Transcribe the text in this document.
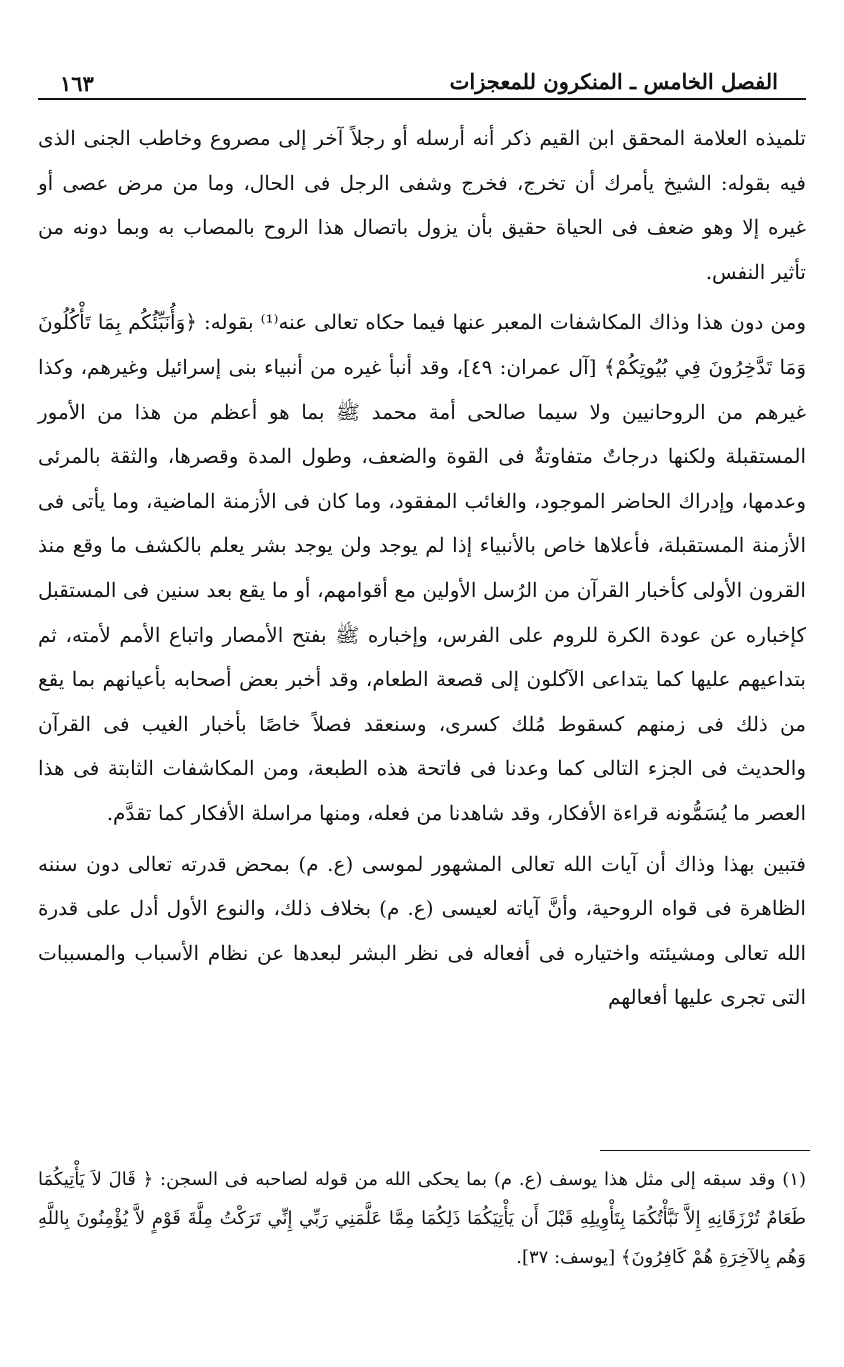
الفصل الخامس ـ المنكرون للمعجزات
١٦٣

تلميذه العلامة المحقق ابن القيم ذكر أنه أرسله أو رجلاً آخر إلى مصروع وخاطب الجنى الذى فيه بقوله: الشيخ يأمرك أن تخرج، فخرج وشفى الرجل فى الحال، وما من مرض عصى أو غيره إلا وهو ضعف فى الحياة حقيق بأن يزول باتصال هذا الروح بالمصاب به وبما دونه من تأثير النفس.

ومن دون هذا وذاك المكاشفات المعبر عنها فيما حكاه تعالى عنه⁽¹⁾ بقوله: ﴿وَأُنَبِّئُكُم بِمَا تَأْكُلُونَ وَمَا تَدَّخِرُونَ فِي بُيُوتِكُمْ﴾ [آل عمران: ٤٩]، وقد أنبأ غيره من أنبياء بنى إسرائيل وغيرهم، وكذا غيرهم من الروحانيين ولا سيما صالحى أمة محمد ﷺ بما هو أعظم من هذا من الأمور المستقبلة ولكنها درجاتٌ متفاوتةٌ فى القوة والضعف، وطول المدة وقصرها، والثقة بالمرئى وعدمها، وإدراك الحاضر الموجود، والغائب المفقود، وما كان فى الأزمنة الماضية، وما يأتى فى الأزمنة المستقبلة، فأعلاها خاص بالأنبياء إذا لم يوجد ولن يوجد بشر يعلم بالكشف ما وقع منذ القرون الأولى كأخبار القرآن من الرُسل الأولين مع أقوامهم، أو ما يقع بعد سنين فى المستقبل كإخباره عن عودة الكرة للروم على الفرس، وإخباره ﷺ بفتح الأمصار واتباع الأمم لأمته، ثم بتداعيهم عليها كما يتداعى الآكلون إلى قصعة الطعام، وقد أخبر بعض أصحابه بأعيانهم بما يقع من ذلك فى زمنهم كسقوط مُلك كسرى، وسنعقد فصلاً خاصًا بأخبار الغيب فى القرآن والحديث فى الجزء التالى كما وعدنا فى فاتحة هذه الطبعة، ومن المكاشفات الثابتة فى هذا العصر ما يُسَمُّونه قراءة الأفكار، وقد شاهدنا من فعله، ومنها مراسلة الأفكار كما تقدَّم.

فتبين بهذا وذاك أن آيات الله تعالى المشهور لموسى (ع. م) بمحض قدرته تعالى دون سننه الظاهرة فى قواه الروحية، وأنَّ آياته لعيسى (ع. م) بخلاف ذلك، والنوع الأول أدل على قدرة الله تعالى ومشيئته واختياره فى أفعاله فى نظر البشر لبعدها عن نظام الأسباب والمسببات التى تجرى عليها أفعالهم

(١) وقد سبقه إلى مثل هذا يوسف (ع. م) بما يحكى الله من قوله لصاحبه فى السجن: ﴿ قَالَ لاَ يَأْتِيكُمَا طَعَامٌ تُرْزَقَانِهِ إِلاَّ نَبَّأْتُكُمَا بِتَأْوِيلِهِ قَبْلَ أَن يَأْتِيَكُمَا ذَلِكُمَا مِمَّا عَلَّمَنِي رَبِّي إِنِّي تَرَكْتُ مِلَّةَ قَوْمٍ لاَّ يُؤْمِنُونَ بِاللَّهِ وَهُم بِالآخِرَةِ هُمْ كَافِرُونَ﴾ [يوسف: ٣٧].
